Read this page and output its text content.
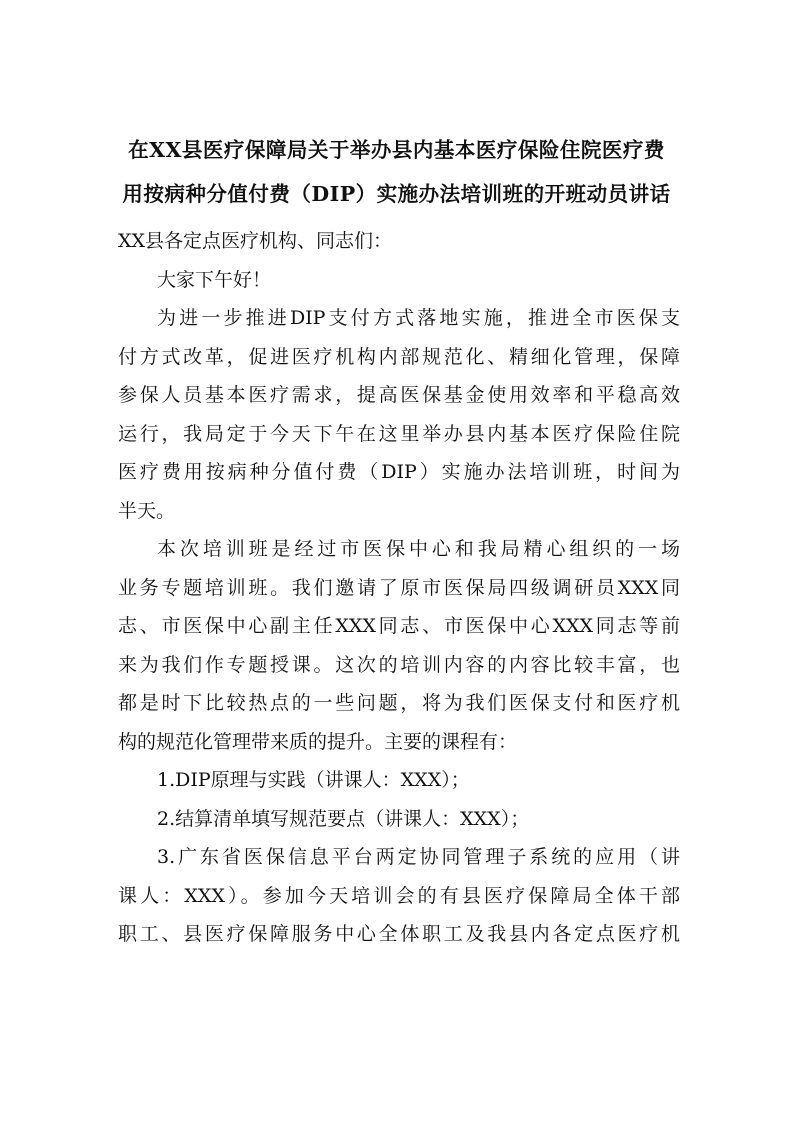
在XX县医疗保障局关于举办县内基本医疗保险住院医疗费
用按病种分值付费（DIP）实施办法培训班的开班动员讲话

XX县各定点医疗机构、同志们：

大家下午好！

为进一步推进DIP支付方式落地实施，推进全市医保支
付方式改革，促进医疗机构内部规范化、精细化管理，保障
参保人员基本医疗需求，提高医保基金使用效率和平稳高效
运行，我局定于今天下午在这里举办县内基本医疗保险住院
医疗费用按病种分值付费（DIP）实施办法培训班，时间为
半天。

本次培训班是经过市医保中心和我局精心组织的一场
业务专题培训班。我们邀请了原市医保局四级调研员XXX同
志、市医保中心副主任XXX同志、市医保中心XXX同志等前
来为我们作专题授课。这次的培训内容的内容比较丰富，也
都是时下比较热点的一些问题，将为我们医保支付和医疗机
构的规范化管理带来质的提升。主要的课程有：

1.DIP原理与实践（讲课人：XXX）；

2.结算清单填写规范要点（讲课人：XXX）；

3.广东省医保信息平台两定协同管理子系统的应用（讲
课人：XXX）。参加今天培训会的有县医疗保障局全体干部
职工、县医疗保障服务中心全体职工及我县内各定点医疗机
